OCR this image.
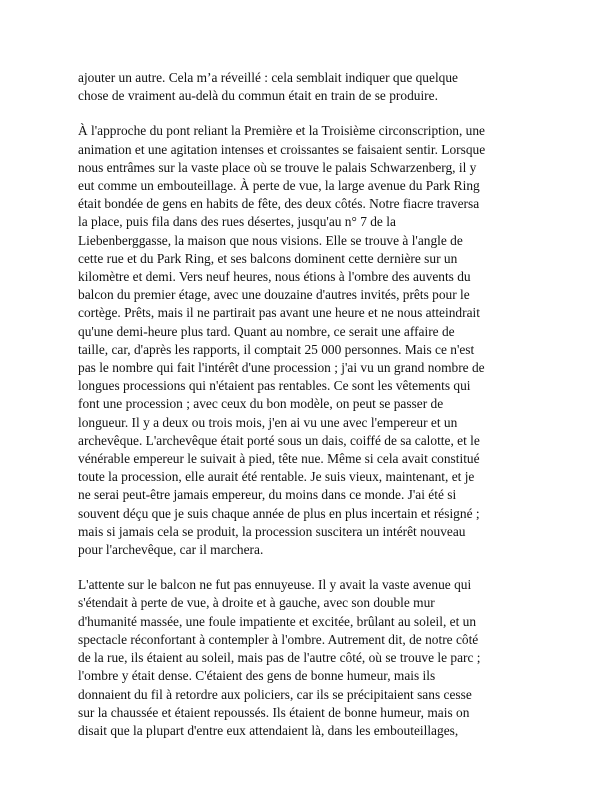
ajouter un autre. Cela m’a réveillé : cela semblait indiquer que quelque
chose de vraiment au-delà du commun était en train de se produire.

À l'approche du pont reliant la Première et la Troisième circonscription, une
animation et une agitation intenses et croissantes se faisaient sentir. Lorsque
nous entrâmes sur la vaste place où se trouve le palais Schwarzenberg, il y
eut comme un embouteillage. À perte de vue, la large avenue du Park Ring
était bondée de gens en habits de fête, des deux côtés. Notre fiacre traversa
la place, puis fila dans des rues désertes, jusqu'au n° 7 de la
Liebenberggasse, la maison que nous visions. Elle se trouve à l'angle de
cette rue et du Park Ring, et ses balcons dominent cette dernière sur un
kilomètre et demi. Vers neuf heures, nous étions à l'ombre des auvents du
balcon du premier étage, avec une douzaine d'autres invités, prêts pour le
cortège. Prêts, mais il ne partirait pas avant une heure et ne nous atteindrait
qu'une demi-heure plus tard. Quant au nombre, ce serait une affaire de
taille, car, d'après les rapports, il comptait 25 000 personnes. Mais ce n'est
pas le nombre qui fait l'intérêt d'une procession ; j'ai vu un grand nombre de
longues processions qui n'étaient pas rentables. Ce sont les vêtements qui
font une procession ; avec ceux du bon modèle, on peut se passer de
longueur. Il y a deux ou trois mois, j'en ai vu une avec l'empereur et un
archevêque. L'archevêque était porté sous un dais, coiffé de sa calotte, et le
vénérable empereur le suivait à pied, tête nue. Même si cela avait constitué
toute la procession, elle aurait été rentable. Je suis vieux, maintenant, et je
ne serai peut-être jamais empereur, du moins dans ce monde. J'ai été si
souvent déçu que je suis chaque année de plus en plus incertain et résigné ;
mais si jamais cela se produit, la procession suscitera un intérêt nouveau
pour l'archevêque, car il marchera.

L'attente sur le balcon ne fut pas ennuyeuse. Il y avait la vaste avenue qui
s'étendait à perte de vue, à droite et à gauche, avec son double mur
d'humanité massée, une foule impatiente et excitée, brûlant au soleil, et un
spectacle réconfortant à contempler à l'ombre. Autrement dit, de notre côté
de la rue, ils étaient au soleil, mais pas de l'autre côté, où se trouve le parc ;
l'ombre y était dense. C'étaient des gens de bonne humeur, mais ils
donnaient du fil à retordre aux policiers, car ils se précipitaient sans cesse
sur la chaussée et étaient repoussés. Ils étaient de bonne humeur, mais on
disait que la plupart d'entre eux attendaient là, dans les embouteillages,
